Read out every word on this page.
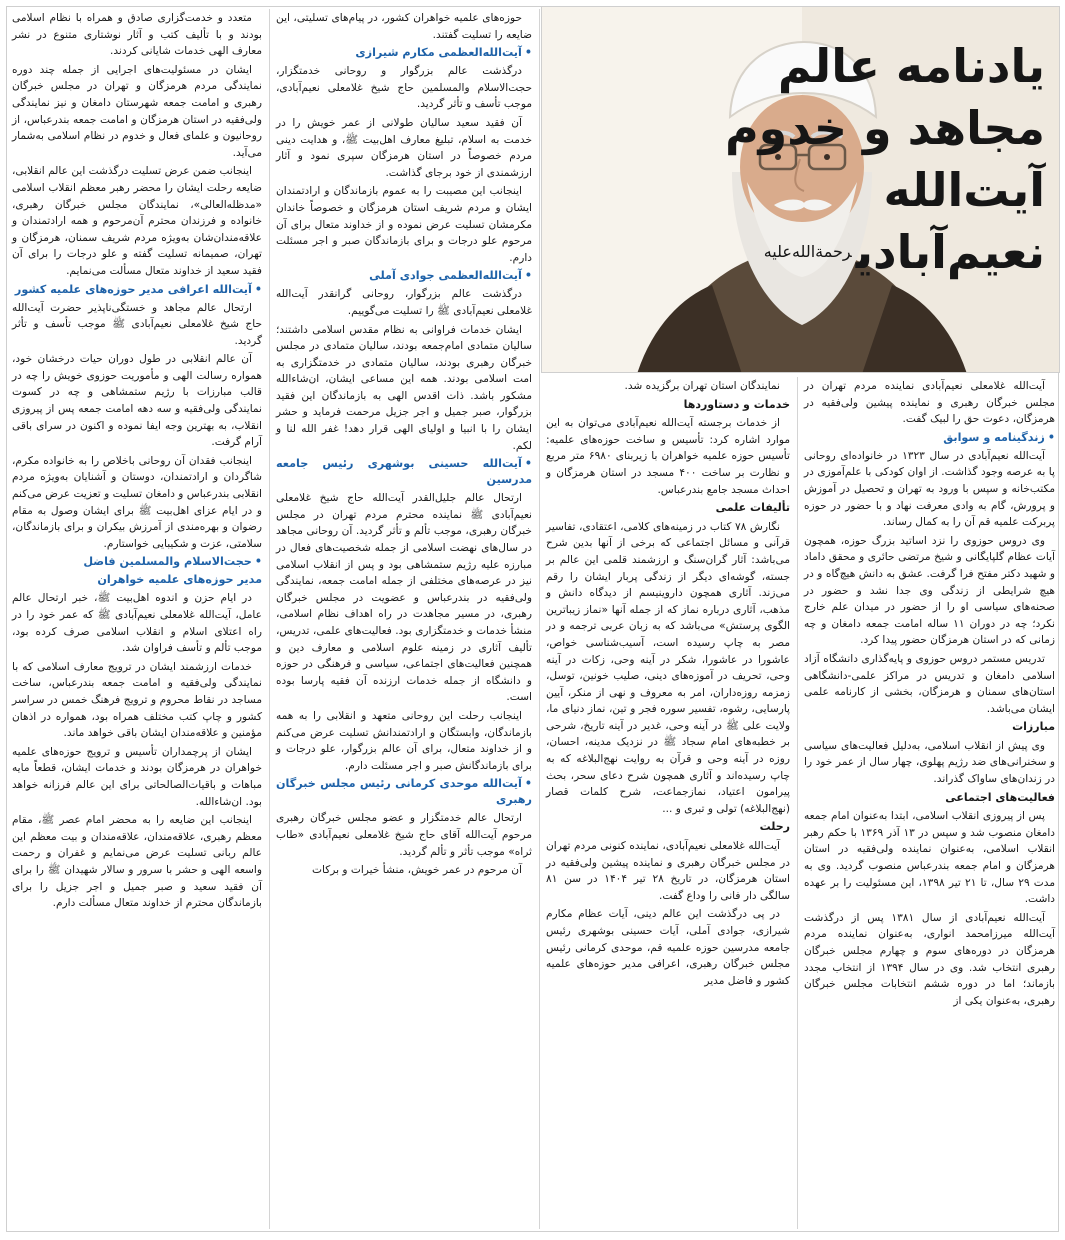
متعدد و خدمت‌گزاری صادق و همراه با نظام اسلامی بودند و با تألیف کتب و آثار نوشتاری متنوع در نشر معارف الهی خدمات شایانی کردند.

ایشان در مسئولیت‌های اجرایی از جمله چند دوره نمایندگی مردم هرمزگان و تهران در مجلس خبرگان رهبری و امامت جمعه شهرستان دامغان و نیز نمایندگی ولی‌فقیه در استان هرمزگان و امامت جمعه بندرعباس، از روحانیون و علمای فعال و خدوم در نظام اسلامی به‌شمار می‌آید.

اینجانب ضمن عرض تسلیت درگذشت این عالم انقلابی، ضایعه رحلت ایشان را محضر رهبر معظم انقلاب اسلامی «مدظله‌العالی»، نمایندگان مجلس خبرگان رهبری، خانواده و فرزندان محترم آن‌مرحوم و همه ارادتمندان و علاقه‌مندان‌شان به‌ویژه مردم شریف سمنان، هرمزگان و تهران، صمیمانه تسلیت گفته و علو درجات را برای آن فقید سعید از خداوند متعال مسألت می‌نمایم.

•آیت‌الله اعرافی مدیر حوزه‌های علمیه کشور

ارتحال عالم مجاهد و خستگی‌ناپذیر حضرت آیت‌الله حاج شیخ غلامعلی نعیم‌آبادی ﷺ موجب تأسف و تأثر گردید.

آن عالم انقلابی در طول دوران حیات درخشان خود، همواره رسالت الهی و مأموریت حوزوی خویش را چه در قالب مبارزات با رژیم ستمشاهی و چه در کسوت نمایندگی ولی‌فقیه و سه دهه امامت جمعه پس از پیروزی انقلاب، به بهترین وجه ایفا نموده و اکنون در سرای باقی آرام گرفت.

اینجانب فقدان آن روحانی باخلاص را به خانواده مکرم، شاگردان و ارادتمندان، دوستان و آشنایان به‌ویژه مردم انقلابی بندرعباس و دامغان تسلیت و تعزیت عرض می‌کنم و در ایام عزای اهل‌بیت ﷺ برای ایشان وصول به مقام رضوان و بهره‌مندی از آمرزش بیکران و برای بازماندگان، سلامتی، عزت و شکیبایی خواستارم.

•حجت‌الاسلام والمسلمین فاضل

مدیر حوزه‌های علمیه خواهران

در ایام حزن و اندوه اهل‌بیت ﷺ، خبر ارتحال عالم عامل، آیت‌الله غلامعلی نعیم‌آبادی ﷺ که عمر خود را در راه اعتلای اسلام و انقلاب اسلامی صرف کرده بود، موجب تألم و تأسف فراوان شد.

خدمات ارزشمند ایشان در ترویج معارف اسلامی که با نمایندگی ولی‌فقیه و امامت جمعه بندرعباس، ساخت مساجد در نقاط محروم و ترویج فرهنگ خمس در سراسر کشور و چاپ کتب مختلف همراه بود، همواره در اذهان مؤمنین و علاقه‌مندان ایشان باقی خواهد ماند.

ایشان از پرچمداران تأسیس و ترویج حوزه‌های علمیه خواهران در هرمزگان بودند و خدمات ایشان، قطعاً مایه مباهات و باقیات‌الصالحاتی برای این عالم فرزانه خواهد بود. ان‌شاءالله.

اینجانب این ضایعه را به محضر امام عصر ﷺ، مقام معظم رهبری، علاقه‌مندان، علاقه‌مندان و بیت معظم این عالم ربانی تسلیت عرض می‌نمایم و غفران و رحمت واسعه الهی و حشر با سرور و سالار شهیدان ﷺ را برای آن فقید سعید و صبر جمیل و اجر جزیل را برای بازماندگان محترم از خداوند متعال مسألت دارم.

حوزه‌های علمیه خواهران کشور، در پیام‌های تسلیتی، این ضایعه را تسلیت گفتند.

•آیت‌الله‌العظمی مکارم شیرازی

درگذشت عالم بزرگوار و روحانی خدمتگزار، حجت‌الاسلام والمسلمین حاج شیخ غلامعلی نعیم‌آبادی، موجب تأسف و تأثر گردید.

آن فقید سعید سالیان طولانی از عمر خویش را در خدمت به اسلام، تبلیغ معارف اهل‌بیت ﷺ، و هدایت دینی مردم خصوصاً در استان هرمزگان سپری نمود و آثار ارزشمندی از خود برجای گذاشت.

اینجانب این مصیبت را به عموم بازماندگان و ارادتمندان ایشان و مردم شریف استان هرمزگان و خصوصاً خاندان مکرمشان تسلیت عرض نموده و از خداوند متعال برای آن مرحوم علو درجات و برای بازماندگان صبر و اجر مسئلت دارم.

•آیت‌الله‌العظمی جوادی آملی

درگذشت عالم بزرگوار، روحانی گرانقدر آیت‌الله غلامعلی نعیم‌آبادی ﷺ را تسلیت می‌گوییم.

ایشان خدمات فراوانی به نظام مقدس اسلامی داشتند؛ سالیان متمادی امام‌جمعه بودند، سالیان متمادی در مجلس خبرگان رهبری بودند، سالیان متمادی در خدمتگزاری به امت اسلامی بودند. همه این مساعی ایشان، ان‌شاءالله مشکور باشد. ذات اقدس الهی به بازماندگان این فقید بزرگوار، صبر جمیل و اجر جزیل مرحمت فرماید و حشر ایشان را با انبیا و اولیای الهی قرار دهد! غفر الله لنا و لکم.

•آیت‌الله حسینی بوشهری رئیس جامعه مدرسین

ارتحال عالم جلیل‌القدر آیت‌الله حاج شیخ غلامعلی نعیم‌آبادی ﷺ نماینده محترم مردم تهران در مجلس خبرگان رهبری، موجب تألم و تأثر گردید. آن روحانی مجاهد در سال‌های نهضت اسلامی از جمله شخصیت‌های فعال در مبارزه علیه رژیم ستمشاهی بود و پس از انقلاب اسلامی نیز در عرصه‌های مختلفی از جمله امامت جمعه، نمایندگی ولی‌فقیه در بندرعباس و عضویت در مجلس خبرگان رهبری، در مسیر مجاهدت در راه اهداف نظام اسلامی، منشأ خدمات و خدمتگزاری بود. فعالیت‌های علمی، تدریس، تألیف آثاری در زمینه علوم اسلامی و معارف دین و همچنین فعالیت‌های اجتماعی، سیاسی و فرهنگی در حوزه و دانشگاه از جمله خدمات ارزنده آن فقیه پارسا بوده است.

اینجانب رحلت این روحانی متعهد و انقلابی را به همه بازماندگان، وابستگان و ارادتمندانش تسلیت عرض می‌کنم و از خداوند متعال، برای آن عالم بزرگوار، علو درجات و برای بازماندگانش صبر و اجر مسئلت دارم.

•آیت‌الله موحدی کرمانی رئیس مجلس خبرگان رهبری

ارتحال عالم خدمتگزار و عضو مجلس خبرگان رهبری مرحوم آیت‌الله آقای حاج شیخ غلامعلی نعیم‌آبادی «طاب ثراه» موجب تأثر و تألم گردید.

آن مرحوم در عمر خویش، منشأ خیرات و برکات

یادنامه عالم
مجاهد و خدوم
آیت‌الله
نعیم‌آبادی$^{رحمة‌الله‌علیه}$

نمایندگان استان تهران برگزیده شد.

خدمات و دستاوردها

از خدمات برجسته آیت‌الله نعیم‌آبادی می‌توان به این موارد اشاره کرد: تأسیس و ساخت حوزه‌های علمیه: تأسیس حوزه علمیه خواهران با زیربنای ۶۹۸۰ متر مربع و نظارت بر ساخت ۴۰۰ مسجد در استان هرمزگان و احداث مسجد جامع بندرعباس.

تألیفات علمی

نگارش ۷۸ کتاب در زمینه‌های کلامی، اعتقادی، تفاسیر قرآنی و مسائل اجتماعی که برخی از آنها بدین شرح می‌باشد: آثار گران‌سنگ و ارزشمند قلمی این عالم بر جسته، گوشه‌ای دیگر از زندگی پربار ایشان را رقم می‌زند. آثاری همچون داروینیسم از دیدگاه دانش و مذهب، آثاری درباره نماز که از جمله آنها «نماز زیباترین الگوی پرستش» می‌باشد که به زبان عربی ترجمه و در مصر به چاپ رسیده است، آسیب‌شناسی خواص، عاشورا در عاشورا، شکر در آینه وحی، زکات در آینه وحی، تحریف در آموزه‌های دینی، صلیب خونین، توسل، زمزمه روزه‌داران، امر به معروف و نهی از منکر، آیین پارسایی، رشوه، تفسیر سوره فجر و تین، نماز دنیای ما، ولایت علی ﷺ در آینه وحی، غدیر در آینه تاریخ، شرحی بر خطبه‌های امام سجاد ﷺ در نزدیک مدینه، احسان، روزه در آینه وحی و قرآن به روایت نهج‌البلاغه که به چاپ رسیده‌اند و آثاری همچون شرح دعای سحر، بحث پیرامون اعتیاد، نمازجماعت، شرح کلمات قصار (نهج‌البلاغه) تولی و تبری و ...

رحلت

آیت‌الله غلامعلی نعیم‌آبادی، نماینده کنونی مردم تهران در مجلس خبرگان رهبری و نماینده پیشین ولی‌فقیه در استان هرمزگان، در تاریخ ۲۸ تیر ۱۴۰۴ در سن ۸۱ سالگی دار فانی را وداع گفت.

در پی درگذشت این عالم دینی، آیات عظام مکارم شیرازی، جوادی آملی، آیات حسینی بوشهری رئیس جامعه مدرسین حوزه علمیه قم، موحدی کرمانی رئیس مجلس خبرگان رهبری، اعرافی مدیر حوزه‌های علمیه کشور و فاضل مدیر

آیت‌الله غلامعلی نعیم‌آبادی نماینده مردم تهران در مجلس خبرگان رهبری و نماینده پیشین ولی‌فقیه در هرمزگان، دعوت حق را لبیک گفت.

•زندگینامه و سوابق

آیت‌الله نعیم‌آبادی در سال ۱۳۲۳ در خانواده‌ای روحانی پا به عرصه وجود گذاشت. از اوان کودکی با علم‌آموزی در مکتب‌خانه و سپس با ورود به تهران و تحصیل در آموزش و پرورش، گام به وادی معرفت نهاد و با حضور در حوزه پربرکت علمیه قم آن را به کمال رساند.

وی دروس حوزوی را نزد اساتید بزرگ حوزه، همچون آیات عظام گلپایگانی و شیخ مرتضی حائری و محقق داماد و شهید دکتر مفتح فرا گرفت. عشق به دانش هیچ‌گاه و در هیچ شرایطی از زندگی وی جدا نشد و حضور در صحنه‌های سیاسی او را از حضور در میدان علم خارج نکرد؛ چه در دوران ۱۱ ساله امامت جمعه دامغان و چه زمانی که در استان هرمزگان حضور پیدا کرد.

تدریس مستمر دروس حوزوی و پایه‌گذاری دانشگاه آزاد اسلامی دامغان و تدریس در مراکز علمی-دانشگاهی استان‌های سمنان و هرمزگان، بخشی از کارنامه علمی ایشان می‌باشد.

مبارزات

وی پیش از انقلاب اسلامی، به‌دلیل فعالیت‌های سیاسی و سخنرانی‌های ضد رژیم پهلوی، چهار سال از عمر خود را در زندان‌های ساواک گذراند.

فعالیت‌های اجتماعی

پس از پیروزی انقلاب اسلامی، ابتدا به‌عنوان امام جمعه دامغان منصوب شد و سپس در ۱۳ آذر ۱۳۶۹ با حکم رهبر انقلاب اسلامی، به‌عنوان نماینده ولی‌فقیه در استان هرمزگان و امام جمعه بندرعباس منصوب گردید. وی به مدت ۲۹ سال، تا ۲۱ تیر ۱۳۹۸، این مسئولیت را بر عهده داشت.

آیت‌الله نعیم‌آبادی از سال ۱۳۸۱ پس از درگذشت آیت‌الله میرزامحمد انواری، به‌عنوان نماینده مردم هرمزگان در دوره‌های سوم و چهارم مجلس خبرگان رهبری انتخاب شد. وی در سال ۱۳۹۴ از انتخاب مجدد بازماند؛ اما در دوره ششم انتخابات مجلس خبرگان رهبری، به‌عنوان یکی از
